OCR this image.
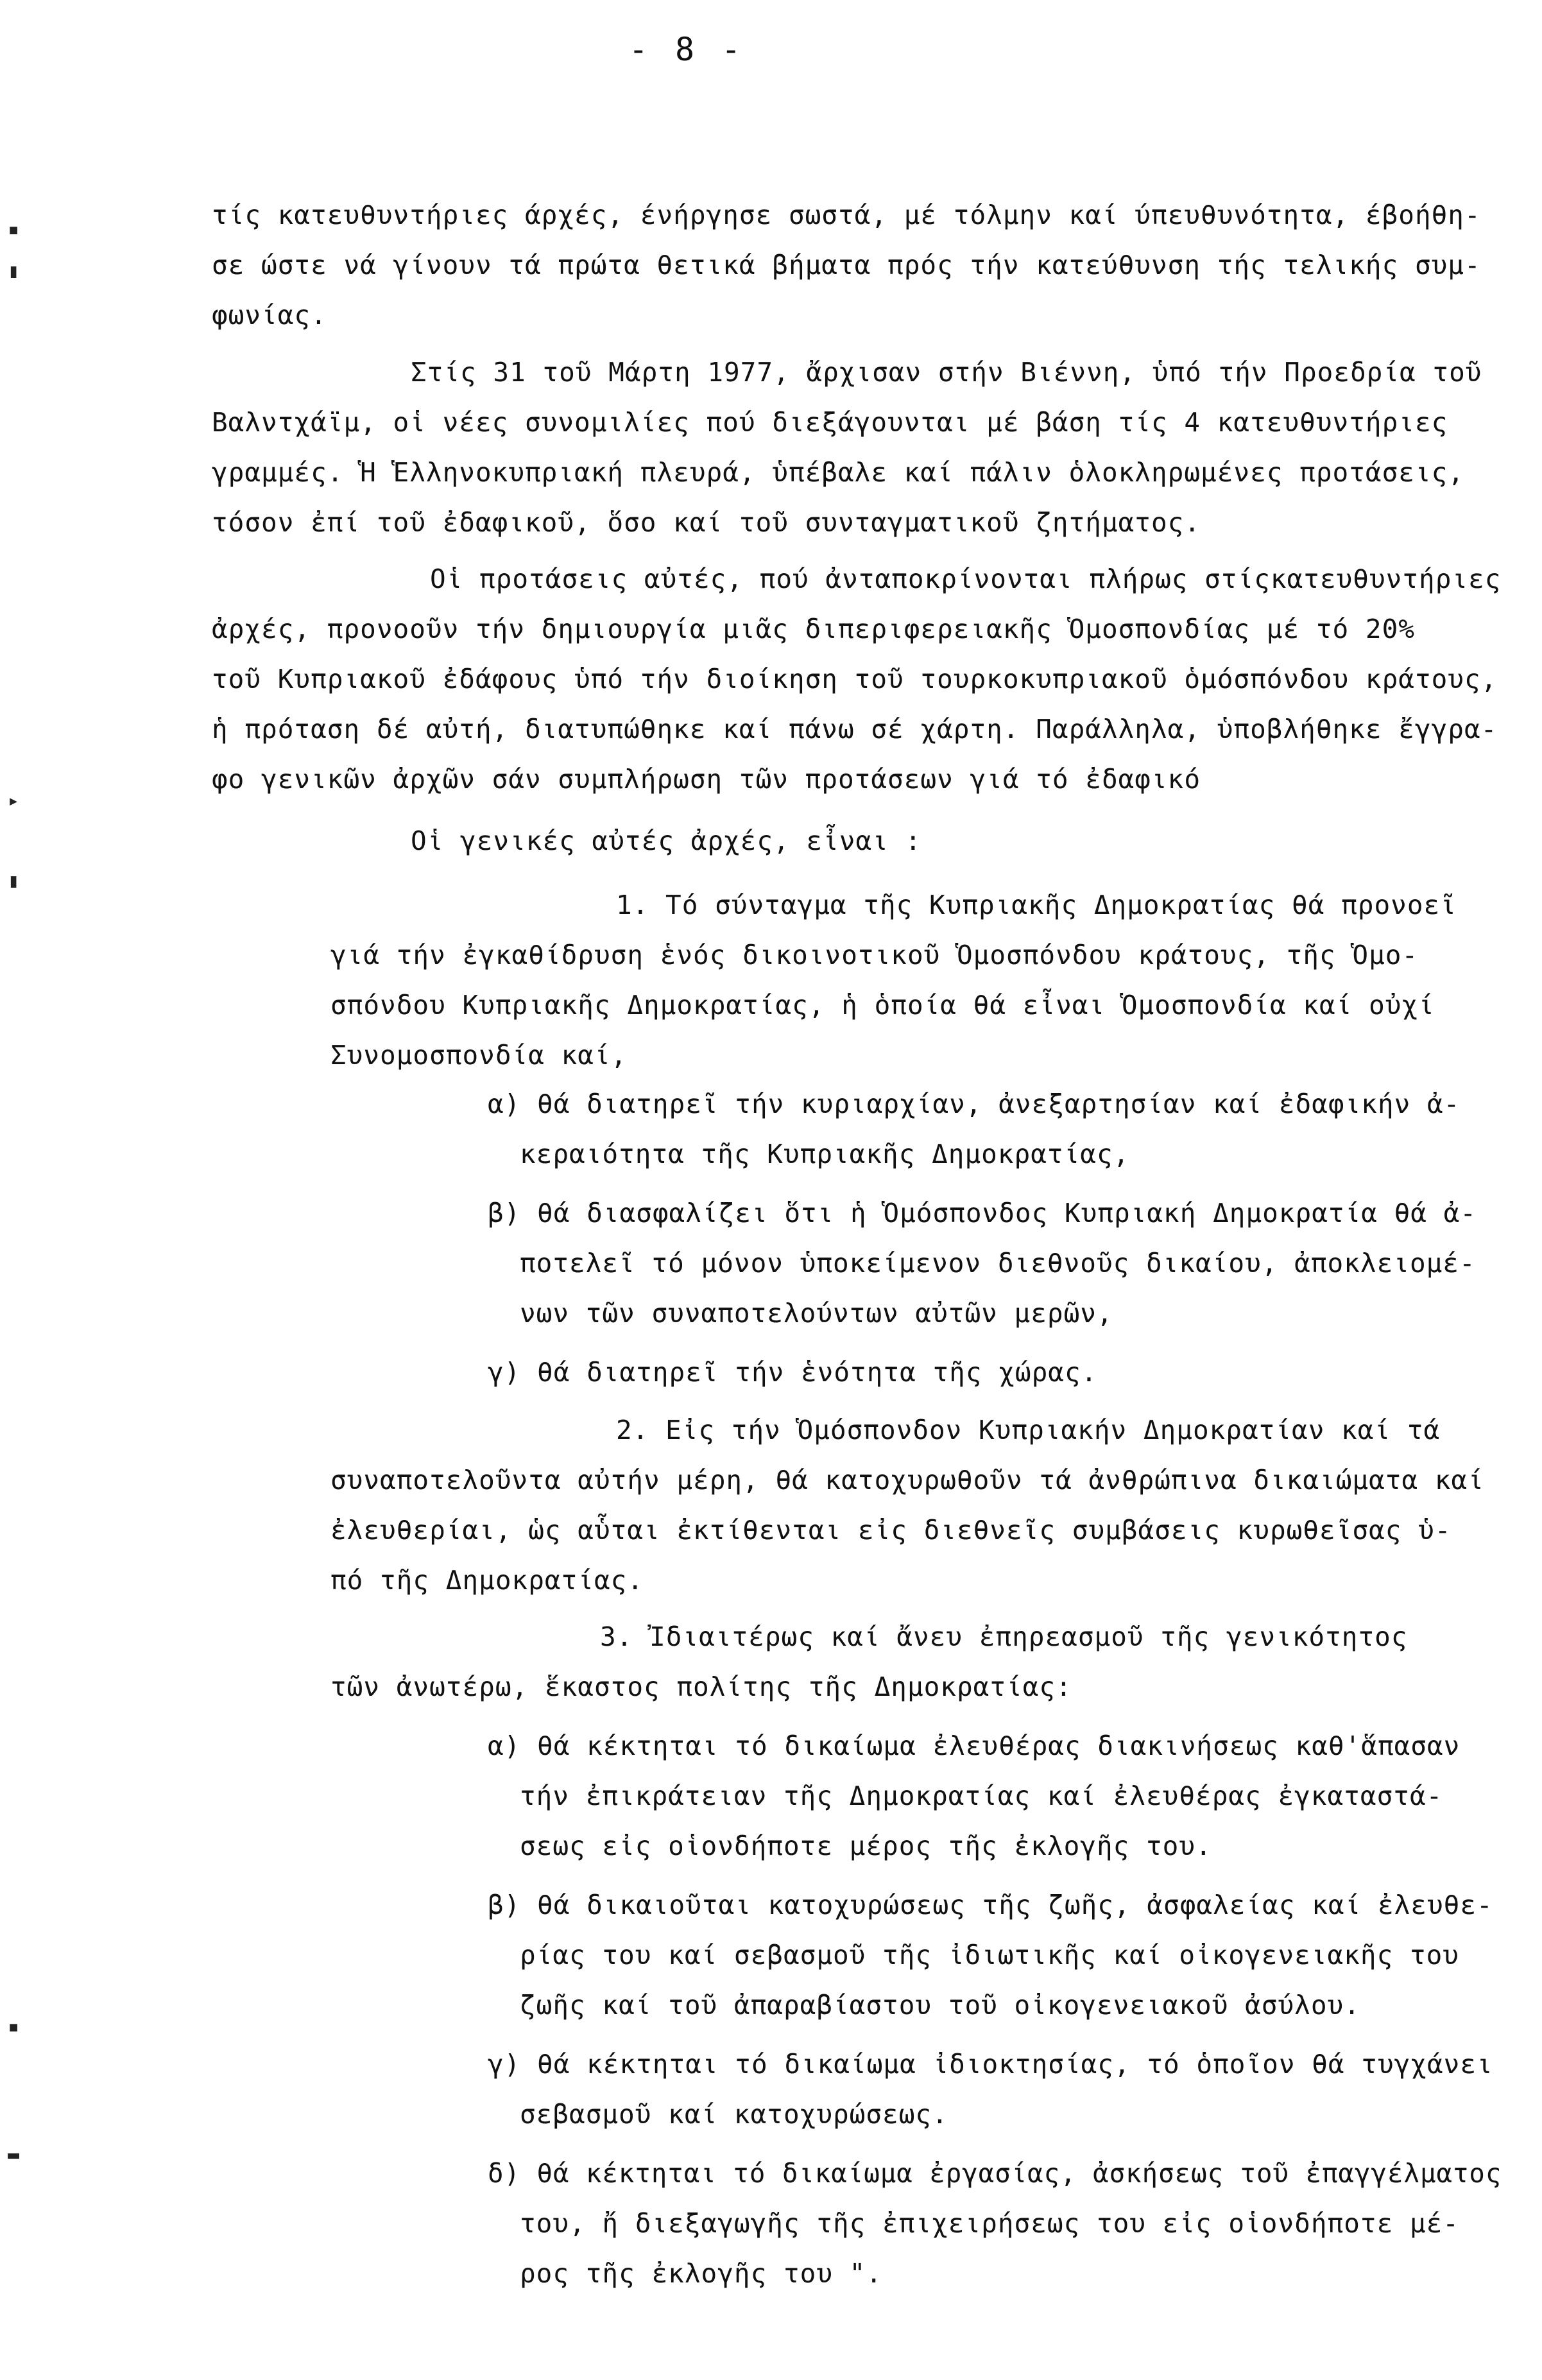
- 8 -
▪
▮
▸
▮
▪
▬
τίς κατευθυντήριες άρχές, ένήργησε σωστά, μέ τόλμην καί ύπευθυνότητα, έβοήθη-
σε ώστε νά γίνουν τά πρώτα θετικά βήματα πρός τήν κατεύθυνση τής τελικής συμ-
φωνίας.
Στίς 31 τοῦ Μάρτη 1977, ἄρχισαν στήν Βιέννη, ὑπό τήν Προεδρία τοῦ
Βαλντχάϊμ, οἱ νέες συνομιλίες πού διεξάγουνται μέ βάση τίς 4 κατευθυντήριες
γραμμές. Ἡ Ἑλληνοκυπριακή πλευρά, ὑπέβαλε καί πάλιν ὁλοκληρωμένες προτάσεις,
τόσον ἐπί τοῦ ἐδαφικοῦ, ὅσο καί τοῦ συνταγματικοῦ ζητήματος.
Οἱ προτάσεις αὐτές, πού ἀνταποκρίνονται πλήρως στίςκατευθυντήριες
ἀρχές, προνοοῦν τήν δημιουργία μιᾶς διπεριφερειακῆς Ὁμοσπονδίας μέ τό 20%
τοῦ Κυπριακοῦ ἐδάφους ὑπό τήν διοίκηση τοῦ τουρκοκυπριακοῦ ὁμόσπόνδου κράτους,
ἡ πρόταση δέ αὐτή, διατυπώθηκε καί πάνω σέ χάρτη. Παράλληλα, ὑποβλήθηκε ἔγγρα-
φο γενικῶν ἀρχῶν σάν συμπλήρωση τῶν προτάσεων γιά τό ἐδαφικό
Οἱ γενικές αὐτές ἀρχές, εἶναι :
1. Τό σύνταγμα τῆς Κυπριακῆς Δημοκρατίας θά προνοεῖ
γιά τήν ἐγκαθίδρυση ἑνός δικοινοτικοῦ Ὁμοσπόνδου κράτους, τῆς Ὁμο-
σπόνδου Κυπριακῆς Δημοκρατίας, ἡ ὁποία θά εἶναι Ὁμοσπονδία καί οὐχί
Συνομοσπονδία καί,
α) θά διατηρεῖ τήν κυριαρχίαν, ἀνεξαρτησίαν καί ἐδαφικήν ἀ-
κεραιότητα τῆς Κυπριακῆς Δημοκρατίας,
β) θά διασφαλίζει ὅτι ἡ Ὁμόσπονδος Κυπριακή Δημοκρατία θά ἀ-
ποτελεῖ τό μόνον ὑποκείμενον διεθνοῦς δικαίου, ἀποκλειομέ-
νων τῶν συναποτελούντων αὐτῶν μερῶν,
γ) θά διατηρεῖ τήν ἑνότητα τῆς χώρας.
2. Εἰς τήν Ὁμόσπονδον Κυπριακήν Δημοκρατίαν καί τά
συναποτελοῦντα αὐτήν μέρη, θά κατοχυρωθοῦν τά ἀνθρώπινα δικαιώματα καί
ἐλευθερίαι, ὡς αὗται ἐκτίθενται εἰς διεθνεῖς συμβάσεις κυρωθεῖσας ὑ-
πό τῆς Δημοκρατίας.
3. Ἰδιαιτέρως καί ἄνευ ἐπηρεασμοῦ τῆς γενικότητος
τῶν ἀνωτέρω, ἕκαστος πολίτης τῆς Δημοκρατίας:
α) θά κέκτηται τό δικαίωμα ἐλευθέρας διακινήσεως καθ'ἅπασαν
τήν ἐπικράτειαν τῆς Δημοκρατίας καί ἐλευθέρας ἐγκαταστά-
σεως εἰς οἱονδήποτε μέρος τῆς ἐκλογῆς του.
β) θά δικαιοῦται κατοχυρώσεως τῆς ζωῆς, ἀσφαλείας καί ἐλευθε-
ρίας του καί σεβασμοῦ τῆς ἰδιωτικῆς καί οἰκογενειακῆς του
ζωῆς καί τοῦ ἀπαραβίαστου τοῦ οἰκογενειακοῦ ἀσύλου.
γ) θά κέκτηται τό δικαίωμα ἰδιοκτησίας, τό ὁποῖον θά τυγχάνει
σεβασμοῦ καί κατοχυρώσεως.
δ) θά κέκτηται τό δικαίωμα ἐργασίας, ἀσκήσεως τοῦ ἐπαγγέλματος
του, ἤ διεξαγωγῆς τῆς ἐπιχειρήσεως του εἰς οἱονδήποτε μέ-
ρος τῆς ἐκλογῆς του ".
